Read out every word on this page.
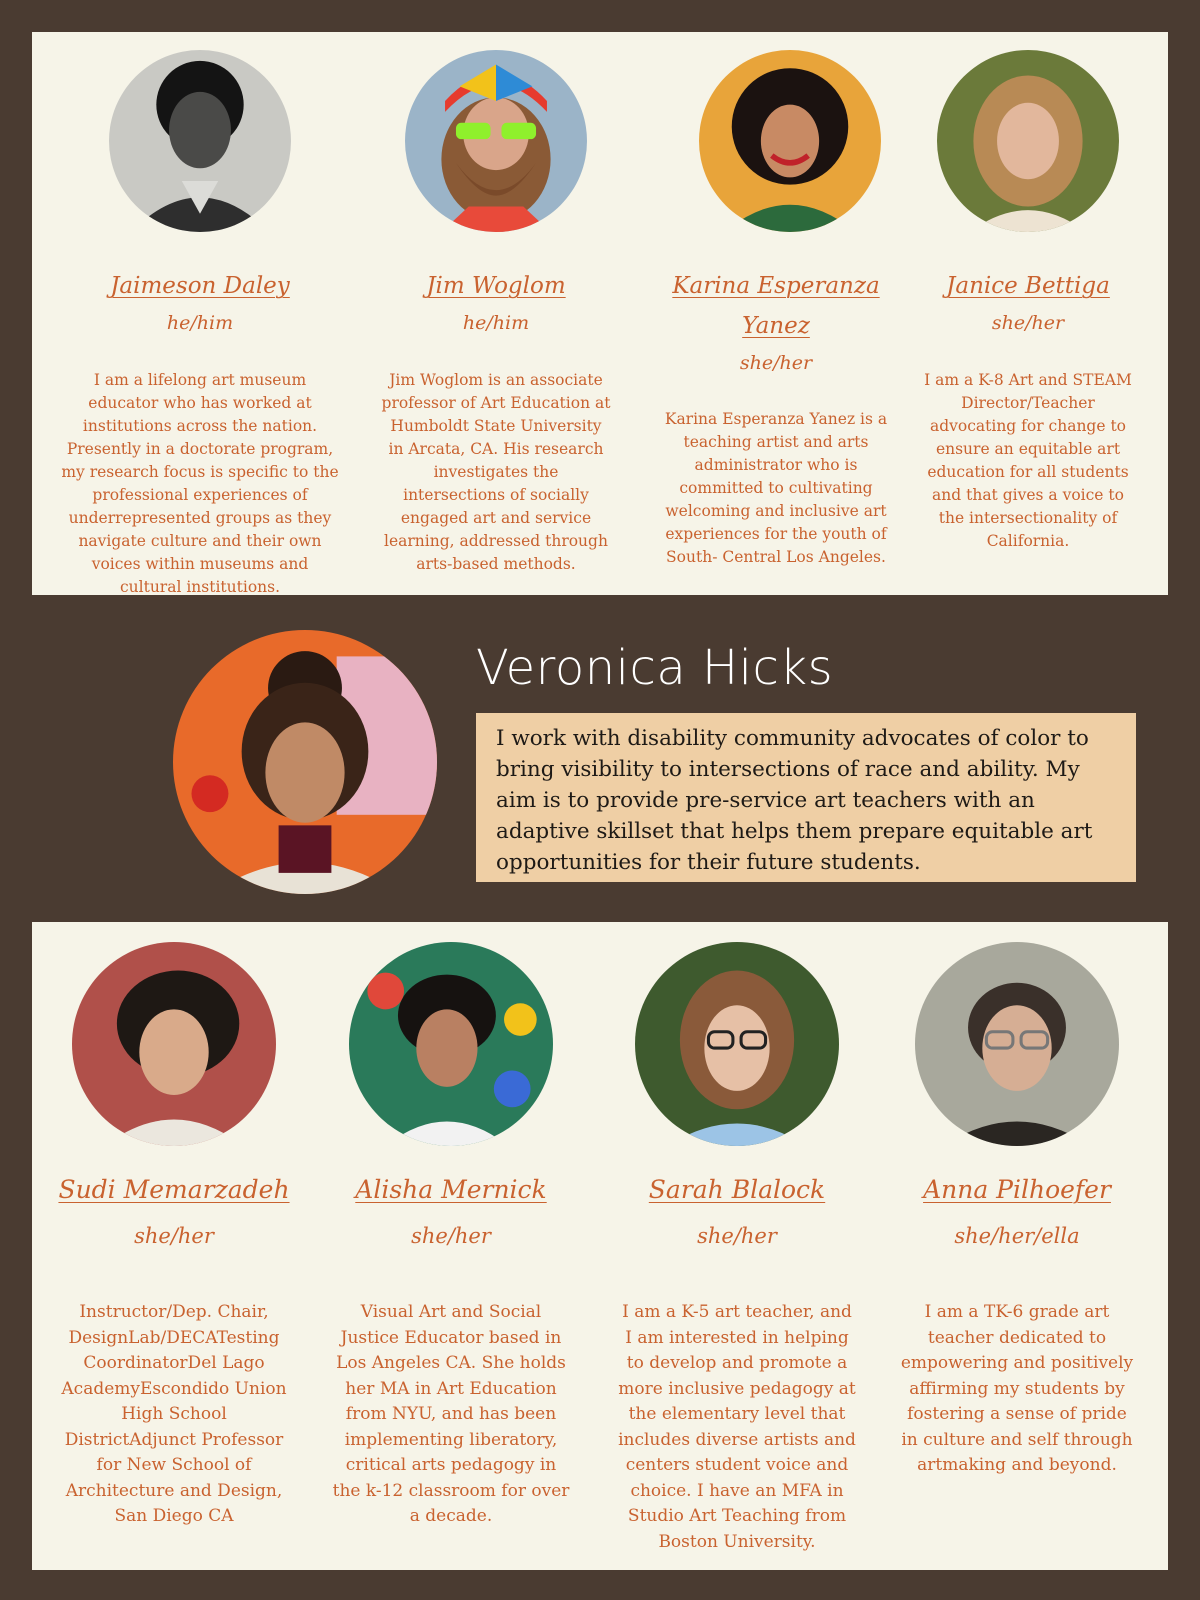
Jaimeson Daley
he/him
I am a lifelong art museum educator who has worked at institutions across the nation. Presently in a doctorate program, my research focus is specific to the professional experiences of underrepresented groups as they navigate culture and their own voices within museums and cultural institutions.
Jim Woglom
he/him
Jim Woglom is an associate professor of Art Education at Humboldt State University in Arcata, CA. His research investigates the intersections of socially engaged art and service learning, addressed through arts-based methods.
Karina Esperanza Yanez
she/her
Karina Esperanza Yanez is a teaching artist and arts administrator who is committed to cultivating welcoming and inclusive art experiences for the youth of South- Central Los Angeles.
Janice Bettiga
she/her
I am a K-8 Art and STEAM Director/Teacher advocating for change to ensure an equitable art education for all students and that gives a voice to the intersectionality of California.
Veronica Hicks
I work with disability community advocates of color to bring visibility to intersections of race and ability. My aim is to provide pre-service art teachers with an adaptive skillset that helps them prepare equitable art opportunities for their future students.
Sudi Memarzadeh
she/her
Instructor/Dep. Chair, DesignLab/DECATesting CoordinatorDel Lago AcademyEscondido Union High School DistrictAdjunct Professor for New School of Architecture and Design, San Diego CA
Alisha Mernick
she/her
Visual Art and Social Justice Educator based in Los Angeles CA. She holds her MA in Art Education from NYU, and has been implementing liberatory, critical arts pedagogy in the k-12 classroom for over a decade.
Sarah Blalock
she/her
I am a K-5 art teacher, and I am interested in helping to develop and promote a more inclusive pedagogy at the elementary level that includes diverse artists and centers student voice and choice. I have an MFA in Studio Art Teaching from Boston University.
Anna Pilhoefer
she/her/ella
I am a TK-6 grade art teacher dedicated to empowering and positively affirming my students by fostering a sense of pride in culture and self through artmaking and beyond.
